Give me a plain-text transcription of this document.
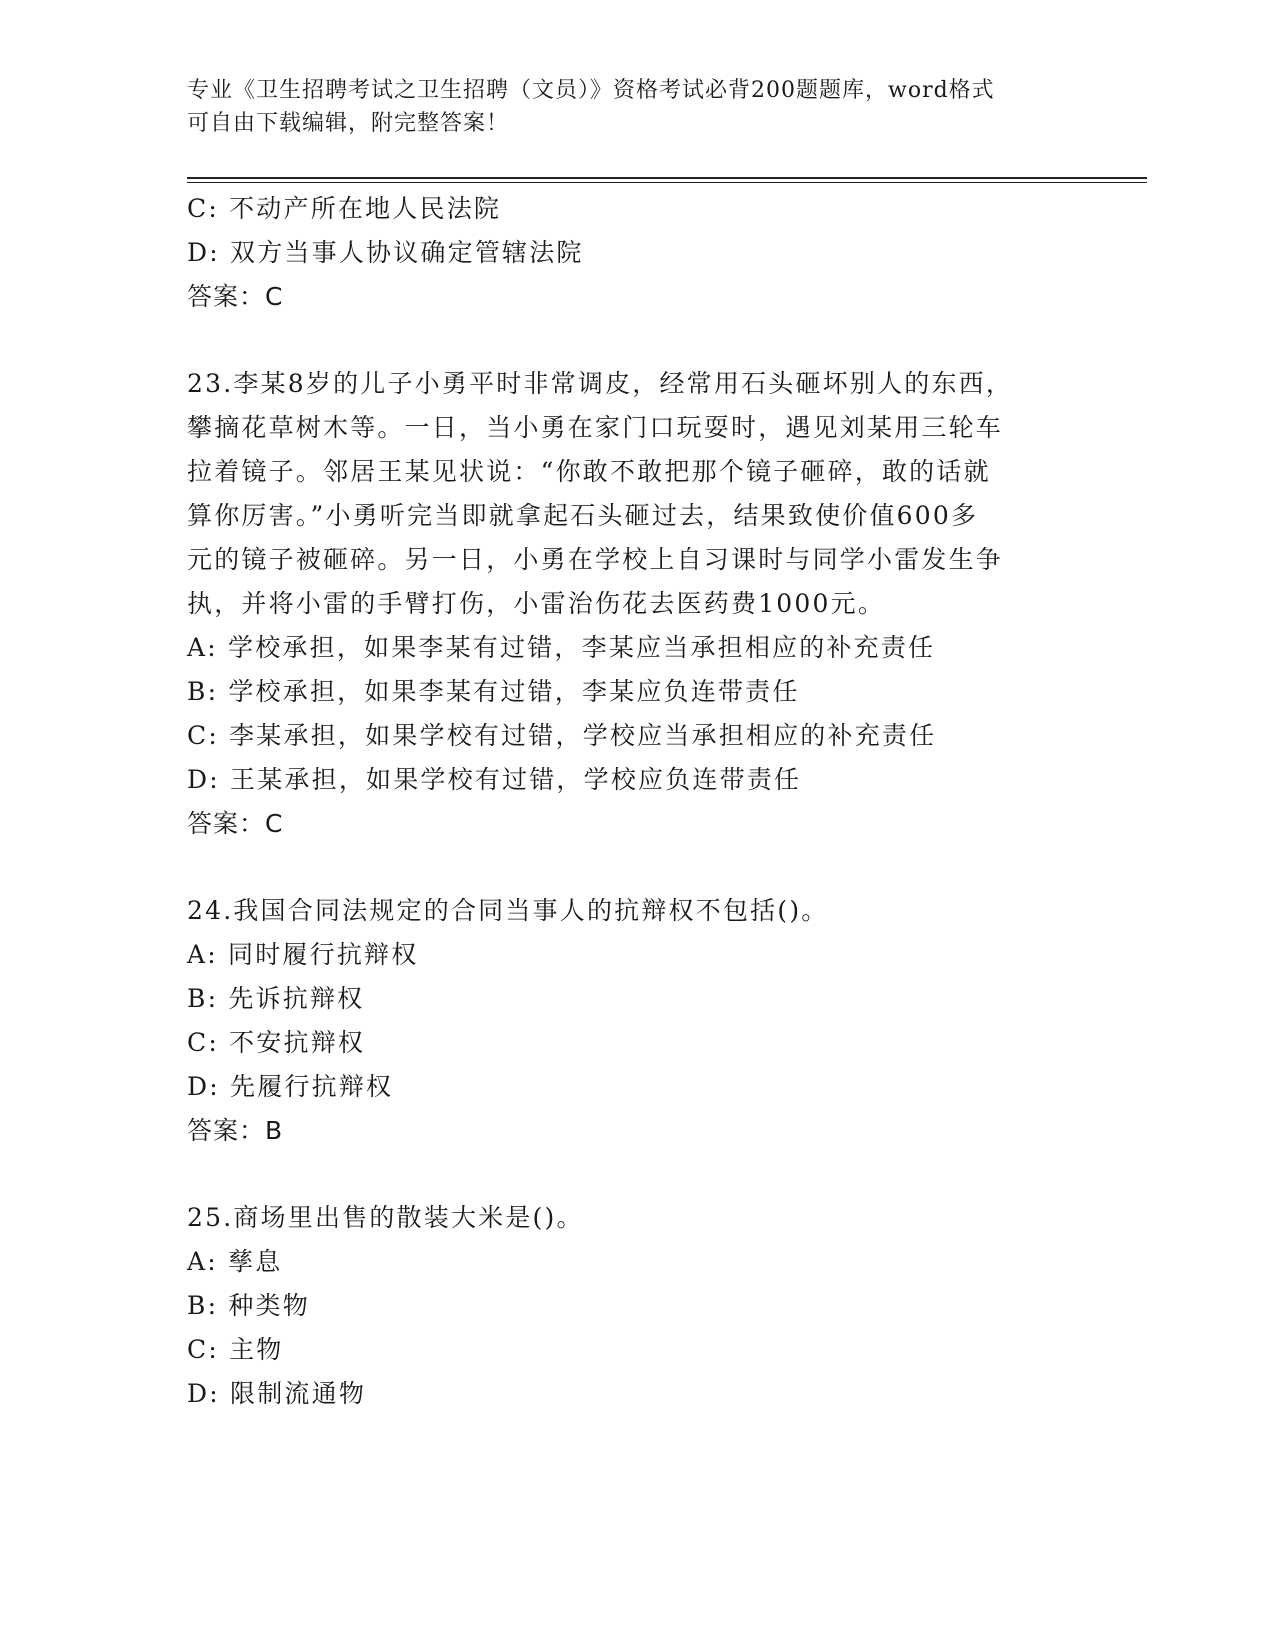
专业《卫生招聘考试之卫生招聘（文员）》资格考试必背200题题库，word格式
可自由下载编辑，附完整答案！
C: 不动产所在地人民法院
D: 双方当事人协议确定管辖法院
答案：C
23.李某8岁的儿子小勇平时非常调皮，经常用石头砸坏别人的东西，
攀摘花草树木等。一日，当小勇在家门口玩耍时，遇见刘某用三轮车
拉着镜子。邻居王某见状说：“你敢不敢把那个镜子砸碎，敢的话就
算你厉害。”小勇听完当即就拿起石头砸过去，结果致使价值600多
元的镜子被砸碎。另一日，小勇在学校上自习课时与同学小雷发生争
执，并将小雷的手臂打伤，小雷治伤花去医药费1000元。
A: 学校承担，如果李某有过错，李某应当承担相应的补充责任
B: 学校承担，如果李某有过错，李某应负连带责任
C: 李某承担，如果学校有过错，学校应当承担相应的补充责任
D: 王某承担，如果学校有过错，学校应负连带责任
答案：C
24.我国合同法规定的合同当事人的抗辩权不包括()。
A: 同时履行抗辩权
B: 先诉抗辩权
C: 不安抗辩权
D: 先履行抗辩权
答案：B
25.商场里出售的散装大米是()。
A: 孳息
B: 种类物
C: 主物
D: 限制流通物
